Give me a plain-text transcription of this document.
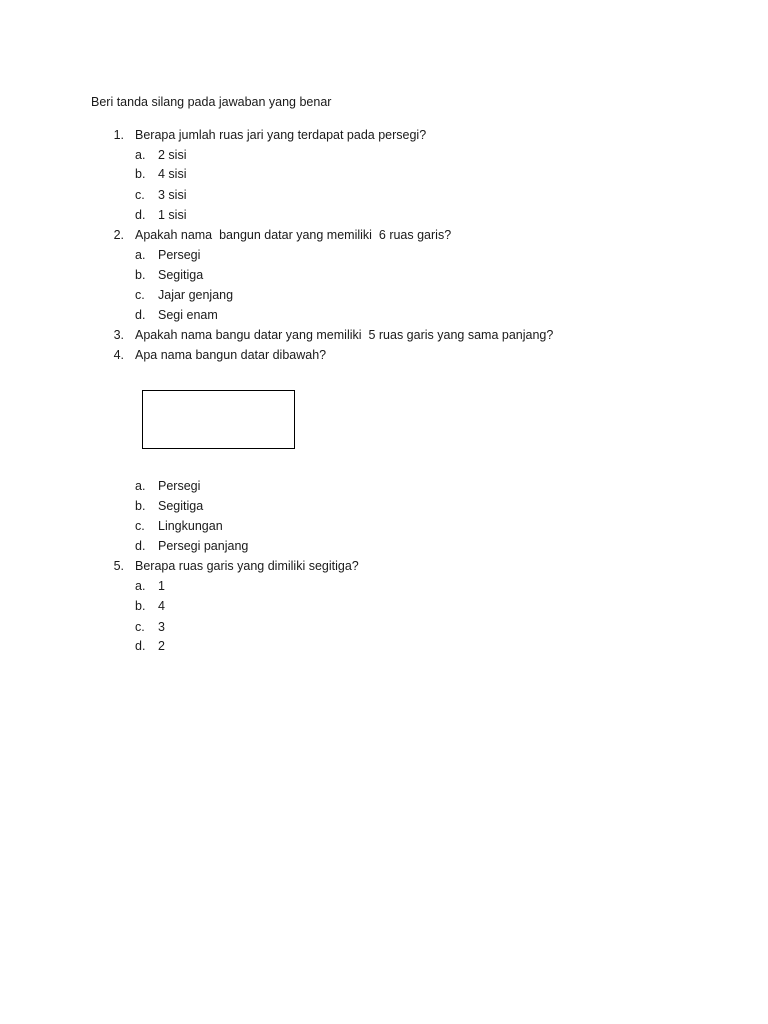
Beri tanda silang pada jawaban yang benar
1. Berapa jumlah ruas jari yang terdapat pada persegi?
a. 2 sisi
b. 4 sisi
c. 3 sisi
d. 1 sisi
2. Apakah nama  bangun datar yang memiliki  6 ruas garis?
a. Persegi
b. Segitiga
c. Jajar genjang
d. Segi enam
3. Apakah nama bangu datar yang memiliki  5 ruas garis yang sama panjang?
4. Apa nama bangun datar dibawah?
a. Persegi
b. Segitiga
c. Lingkungan
d. Persegi panjang
5. Berapa ruas garis yang dimiliki segitiga?
a. 1
b. 4
c. 3
d. 2
